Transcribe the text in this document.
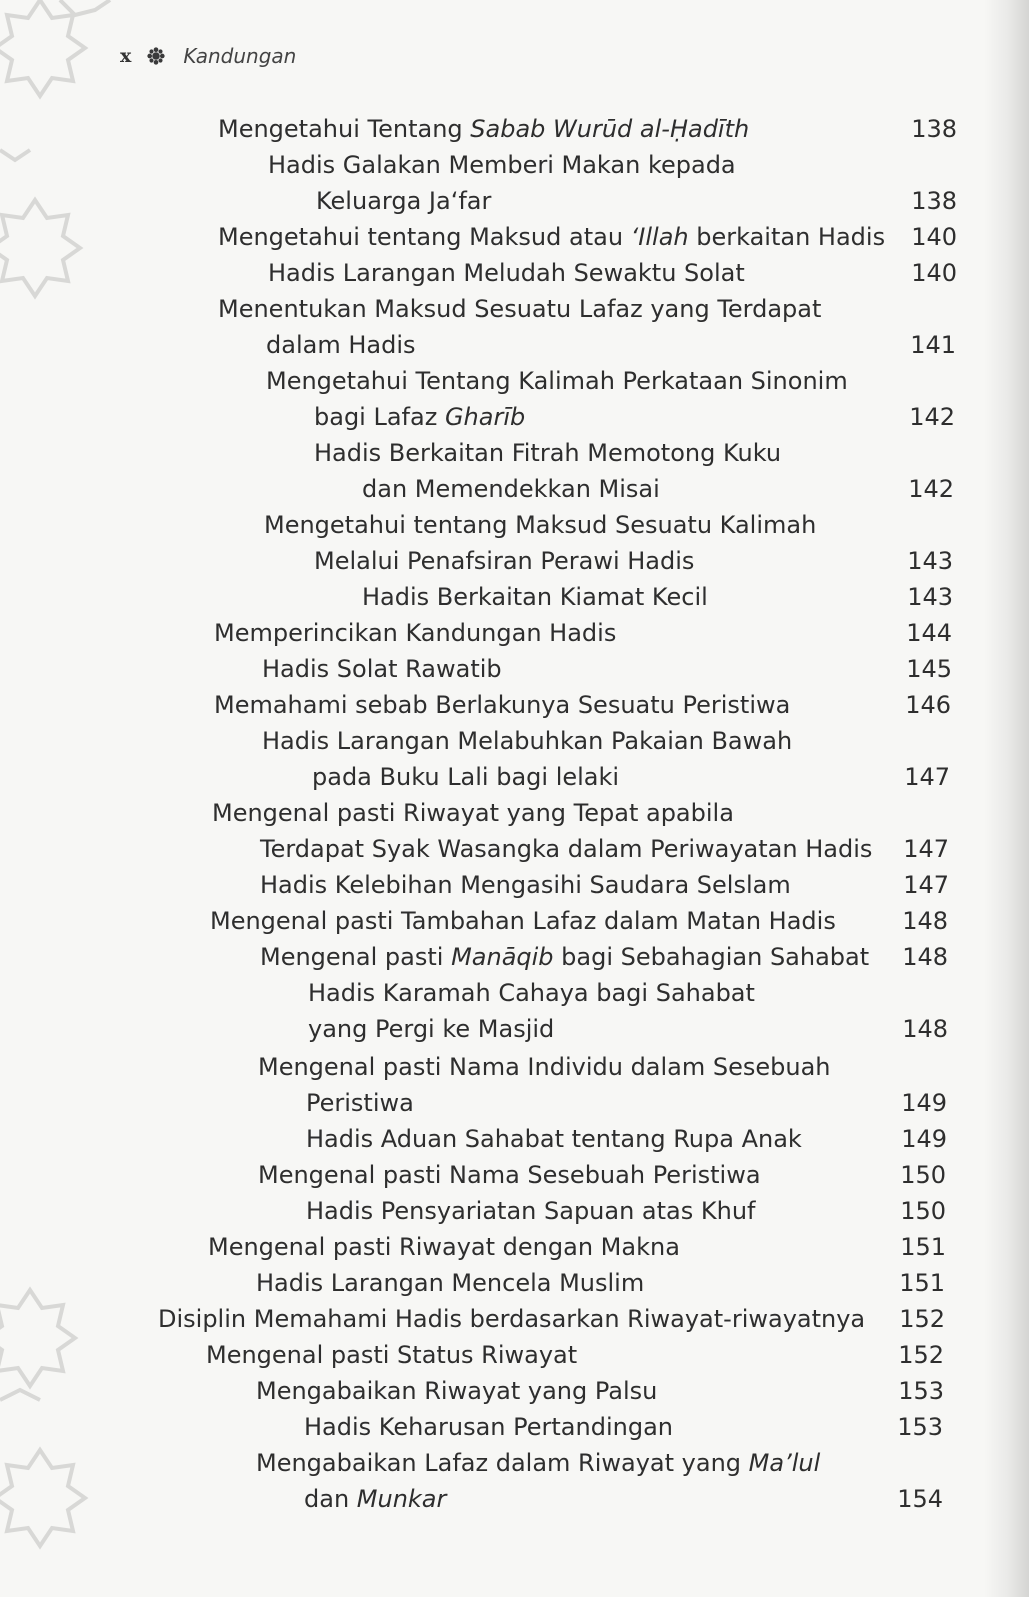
x	Kandungan
Mengetahui Tentang Sabab Wurūd al-Ḥadīth	138
Hadis Galakan Memberi Makan kepada
Keluarga Ja‘far	138
Mengetahui tentang Maksud atau ‘Illah berkaitan Hadis	140
Hadis Larangan Meludah Sewaktu Solat	140
Menentukan Maksud Sesuatu Lafaz yang Terdapat
dalam Hadis	141
Mengetahui Tentang Kalimah Perkataan Sinonim
bagi Lafaz Gharīb	142
Hadis Berkaitan Fitrah Memotong Kuku
dan Memendekkan Misai	142
Mengetahui tentang Maksud Sesuatu Kalimah
Melalui Penafsiran Perawi Hadis	143
Hadis Berkaitan Kiamat Kecil	143
Memperincikan Kandungan Hadis	144
Hadis Solat Rawatib	145
Memahami sebab Berlakunya Sesuatu Peristiwa	146
Hadis Larangan Melabuhkan Pakaian Bawah
pada Buku Lali bagi lelaki	147
Mengenal pasti Riwayat yang Tepat apabila
Terdapat Syak Wasangka dalam Periwayatan Hadis	147
Hadis Kelebihan Mengasihi Saudara Selslam	147
Mengenal pasti Tambahan Lafaz dalam Matan Hadis	148
Mengenal pasti Manāqib bagi Sebahagian Sahabat	148
Hadis Karamah Cahaya bagi Sahabat
yang Pergi ke Masjid	148
Mengenal pasti Nama Individu dalam Sesebuah
Peristiwa	149
Hadis Aduan Sahabat tentang Rupa Anak	149
Mengenal pasti Nama Sesebuah Peristiwa	150
Hadis Pensyariatan Sapuan atas Khuf	150
Mengenal pasti Riwayat dengan Makna	151
Hadis Larangan Mencela Muslim	151
Disiplin Memahami Hadis berdasarkan Riwayat-riwayatnya	152
Mengenal pasti Status Riwayat	152
Mengabaikan Riwayat yang Palsu	153
Hadis Keharusan Pertandingan	153
Mengabaikan Lafaz dalam Riwayat yang Ma’lul
dan Munkar	154
